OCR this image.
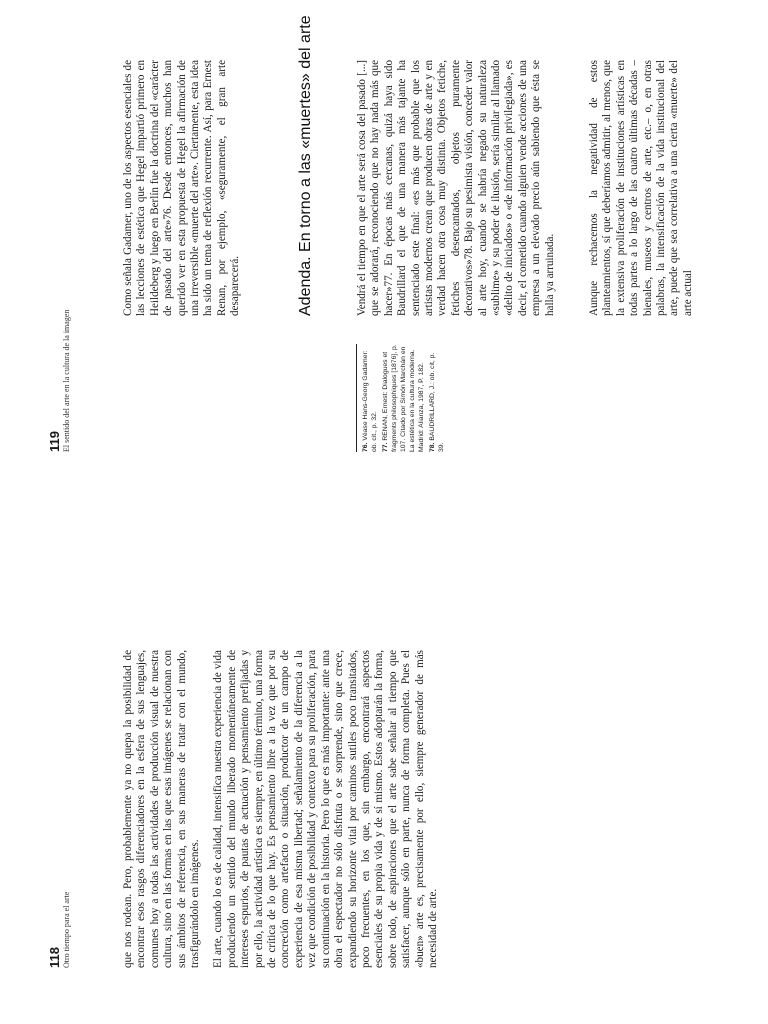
118 Otro tiempo para el arte	que nos rodean. Pero, probablemente ya no quepa la posibilidad de encontrar esos rasgos diferenciadores en la esfera de sus lenguajes, comunes hoy a todas las actividades de producción visual de nuestra cultura, sino en las formas en las que esas imágenes se relacionan con sus ámbitos de referencia, en sus maneras de tratar con el mundo, trasfigurándolo en imágenes. El arte, cuando lo es de calidad, intensifica nuestra experiencia de vida produciendo un sentido del mundo liberado momentáneamente de intereses espurios, de pautas de actuación y pensamiento prefijadas y por ello, la actividad artística es siempre, en último término, una forma de crítica de lo que hay. Es pensamiento libre a la vez que por su concreción como artefacto o situación, productor de un campo de experiencia de esa misma libertad; señalamiento de la diferencia a la vez que condición de posibilidad y contexto para su proliferación, para su continuación en la historia. Pero lo que es más importante: ante una obra el espectador no sólo disfruta o se sorprende, sino que crece, expandiendo su horizonte vital por caminos sutiles poco transitados, poco frecuentes, en los que, sin embargo, encontrará aspectos esenciales de su propia vida y de sí mismo. Estos adoptarán la forma, sobre todo, de aspiraciones que el arte sabe señalar al tiempo que satisfacer, aunque sólo en parte, nunca de forma completa. Pues el «buen» arte es, precisamente por ello, siempre generador de más necesidad de arte.

119 El sentido del arte en la cultura de la imagen

Como señala Gadamer, uno de los aspectos esenciales de las lecciones de estética que Hegel impartió primero en Heildeberg y luego en Berlín fue la doctrina del «carácter de pasado del arte»76. Desde entonces, muchos han querido ver en esta propuesta de Hegel la afirmación de una irreversible «muerte del arte». Ciertamente, esta idea ha sido un tema de reflexión recurrente. Así, para Ernest Renan, por ejemplo, «seguramente, el gran arte desaparecerá.	Adenda. En torno a las «muertes» del arte

76. Véase Hans-Georg Gadamer: ob. cit., p. 32. 77. RENAN, Ernest: Dialogues et fragments philosophiques [1876], p. 107. Citado por Simón Marchán en La estética en la cultura moderna. Madrid: Alianza, 1987, P. 182. 78. BAUDRILLARD, J.: ob. cit, p. 39.

Vendrá el tiempo en que el arte será cosa del pasado [...] que se adorará, reconociendo que no hay nada más que hacer»77. En épocas más cercanas, quizá haya sido Baudrillard el que de una manera más tajante ha sentenciado este final: «es más que probable que los artistas modernos crean que producen obras de arte y en verdad hacen otra cosa muy distinta. Objetos fetiche, fetiches desencantados, objetos puramente decorativos»78. Bajo su pesimista visión, conceder valor al arte hoy, cuando se habría negado su naturaleza «sublime» y su poder de ilusión, sería similar al llamado «delito de iniciados» o «de información privilegiada», es decir, el cometido cuando alguien vende acciones de una empresa a un elevado precio aún sabiendo que ésta se halla ya arruinada.	Aunque rechacemos la negatividad de estos planteamientos, sí que deberíamos admitir, al menos, que la extensiva proliferación de instituciones artísticas en todas partes a lo largo de las cuatro últimas décadas –bienales, museos y centros de arte, etc.– o, en otras palabras, la intensificación de la vida institucional del arte, puede que sea correlativa a una cierta «muerte» del arte actual
